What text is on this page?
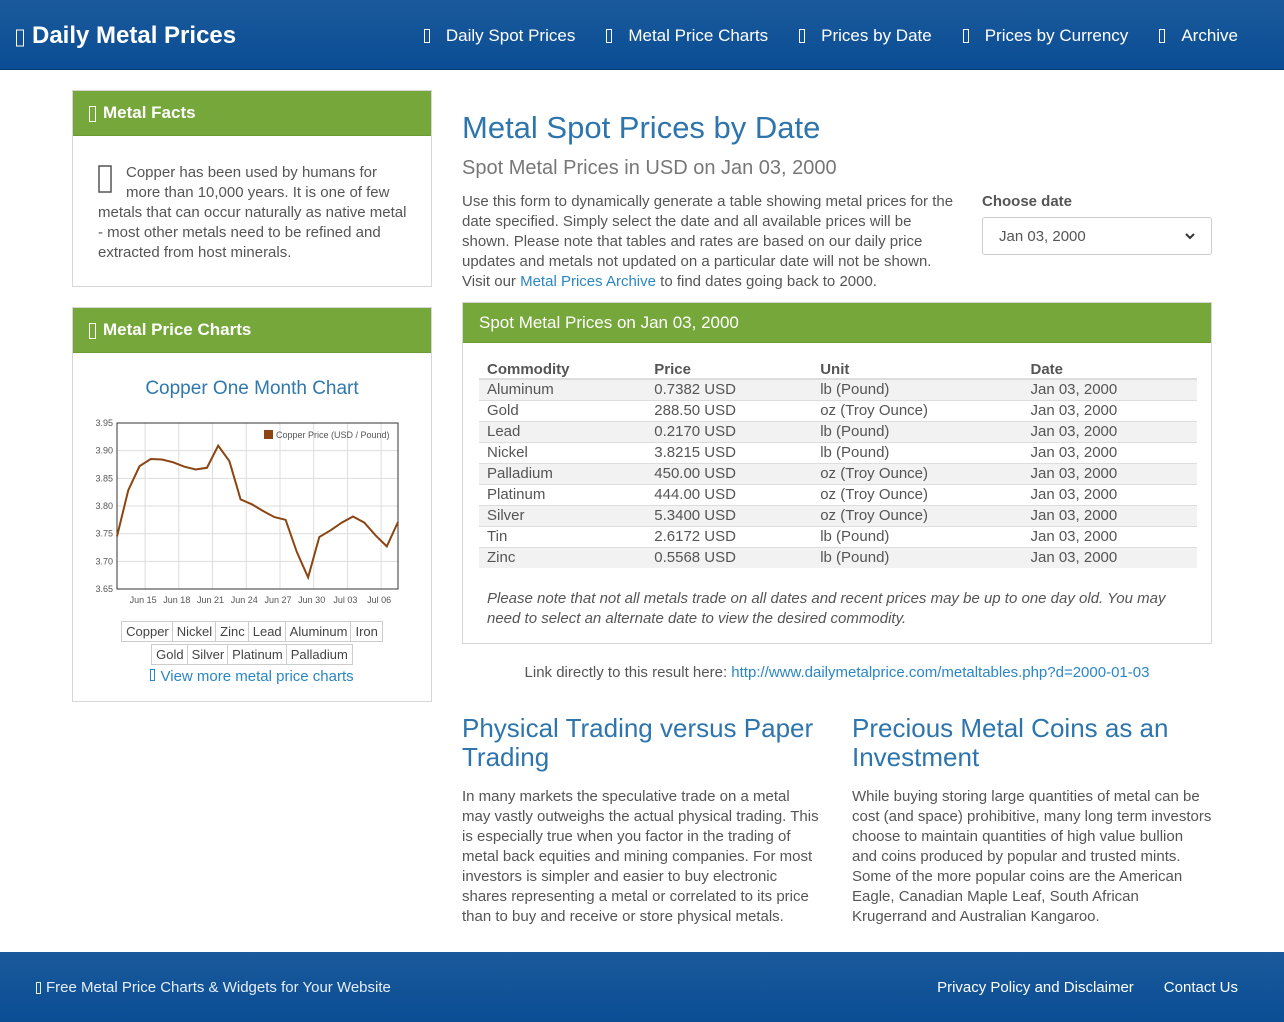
Daily Metal Prices	Daily Spot Prices	Metal Price Charts	Prices by Date	Prices by Currency	Archive
Metal Facts
Copper has been used by humans for more than 10,000 years. It is one of few metals that can occur naturally as native metal - most other metals need to be refined and extracted from host minerals.
Metal Price Charts
Copper One Month Chart
3.65
3.70
3.75
3.80
3.85
3.90
3.95
Jun 15 Jun 18 Jun 21 Jun 24 Jun 27 Jun 30 Jul 03 Jul 06
Copper Price (USD / Pound)
Copper Nickel Zinc Lead Aluminum Iron
Gold Silver Platinum Palladium
View more metal price charts
Metal Spot Prices by Date
Spot Metal Prices in USD on Jan 03, 2000
Use this form to dynamically generate a table showing metal prices for the date specified. Simply select the date and all available prices will be shown. Please note that tables and rates are based on our daily price updates and metals not updated on a particular date will not be shown. Visit our Metal Prices Archive to find dates going back to 2000.
Choose date
Jan 03, 2000
Spot Metal Prices on Jan 03, 2000
Commodity	Price	Unit	Date
Aluminum	0.7382 USD	lb (Pound)	Jan 03, 2000
Gold	288.50 USD	oz (Troy Ounce)	Jan 03, 2000
Lead	0.2170 USD	lb (Pound)	Jan 03, 2000
Nickel	3.8215 USD	lb (Pound)	Jan 03, 2000
Palladium	450.00 USD	oz (Troy Ounce)	Jan 03, 2000
Platinum	444.00 USD	oz (Troy Ounce)	Jan 03, 2000
Silver	5.3400 USD	oz (Troy Ounce)	Jan 03, 2000
Tin	2.6172 USD	lb (Pound)	Jan 03, 2000
Zinc	0.5568 USD	lb (Pound)	Jan 03, 2000
Please note that not all metals trade on all dates and recent prices may be up to one day old. You may need to select an alternate date to view the desired commodity.
Link directly to this result here: http://www.dailymetalprice.com/metaltables.php?d=2000-01-03
Physical Trading versus Paper Trading

In many markets the speculative trade on a metal may vastly outweighs the actual physical trading. This is especially true when you factor in the trading of metal back equities and mining companies. For most investors is simpler and easier to buy electronic shares representing a metal or correlated to its price than to buy and receive or store physical metals.

Precious Metal Coins as an Investment

While buying storing large quantities of metal can be cost (and space) prohibitive, many long term investors choose to maintain quantities of high value bullion and coins produced by popular and trusted mints. Some of the more popular coins are the American Eagle, Canadian Maple Leaf, South African Krugerrand and Australian Kangaroo.

Free Metal Price Charts & Widgets for Your Website	Privacy Policy and Disclaimer Contact Us
